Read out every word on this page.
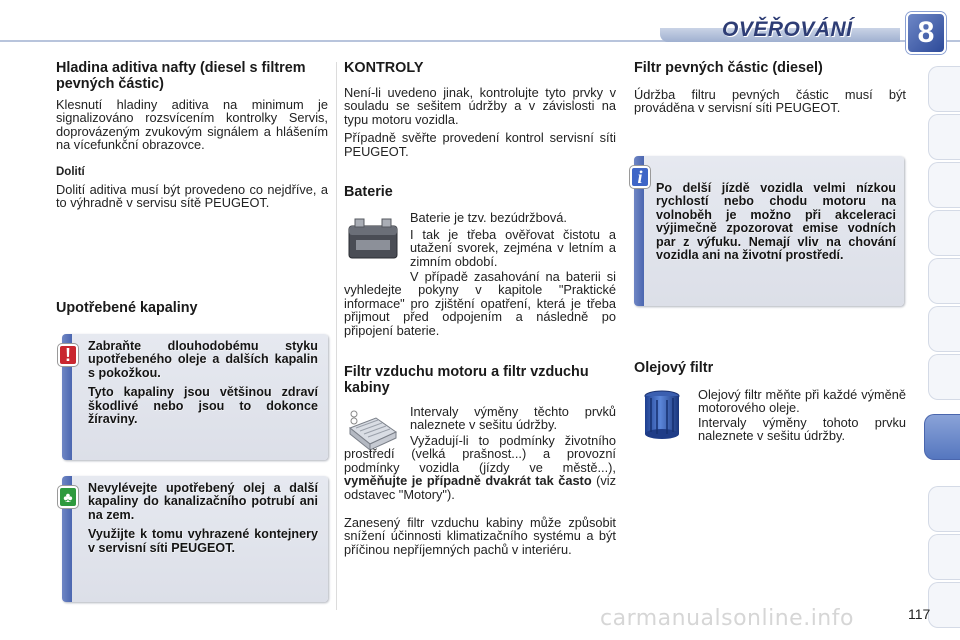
OVĚŘOVÁNÍ	8
Hladina aditiva nafty (diesel s filtrem pevných částic)

Klesnutí hladiny aditiva na minimum je signalizováno rozsvícením kontrolky Servis, doprovázeným zvukovým signálem a hlášením na vícefunkční obrazovce.

Dolití

Dolití aditiva musí být provedeno co nejdříve, a to výhradně v servisu sítě PEUGEOT.

Upotřebené kapaliny
!	Zabraňte dlouhodobému styku upotřebeného oleje a dalších kapalin s pokožkou.

Tyto kapaliny jsou většinou zdraví škodlivé nebo jsou to dokonce žíraviny.

♣

Nevylévejte upotřebený olej a další kapaliny do kanalizačního potrubí ani na zem.

Využijte k tomu vyhrazené kontejnery v servisní síti PEUGEOT.

KONTROLY

Není-li uvedeno jinak, kontrolujte tyto prvky v souladu se sešitem údržby a v závislosti na typu motoru vozidla.

Případně svěřte provedení kontrol servisní síti PEUGEOT.

Baterie

Baterie je tzv. bezúdržbová.

I tak je třeba ověřovat čistotu a utažení svorek, zejména v letním a zimním období.

V případě zasahování na baterii si vyhledejte pokyny v kapitole "Praktické informace" pro zjištění opatření, která je třeba přijmout před odpojením a následně po připojení baterie.

Filtr vzduchu motoru a filtr vzduchu kabiny

Intervaly výměny těchto prvků naleznete v sešitu údržby.

Vyžadují-li to podmínky životního prostředí (velká prašnost...) a provozní podmínky vozidla (jízdy ve městě...), vyměňujte je případně dvakrát tak často (viz odstavec "Motory").

Zanesený filtr vzduchu kabiny může způsobit snížení účinnosti klimatizačního systému a být příčinou nepříjemných pachů v interiéru.

Filtr pevných částic (diesel)

Údržba filtru pevných částic musí být prováděna v servisní síti PEUGEOT.

i

Po delší jízdě vozidla velmi nízkou rychlostí nebo chodu motoru na volnoběh je možno při akceleraci výjimečně zpozorovat emise vodních par z výfuku. Nemají vliv na chování vozidla ani na životní prostředí.

Olejový filtr

Olejový filtr měňte při každé výměně motorového oleje.

Intervaly výměny tohoto prvku naleznete v sešitu údržby.

carmanualsonline.info	117
